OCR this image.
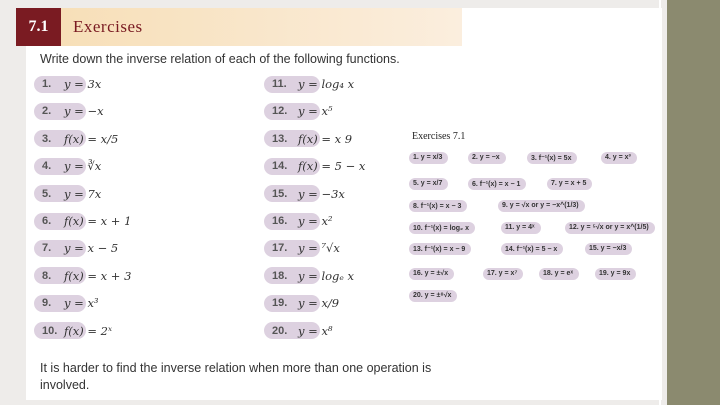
7.1	Exercises
Write down the inverse relation of each of the following functions.
1.	y = 3x
2.	y = −x
3.	f(x) = x/5
4.	y = ∛x
5.	y = 7x
6.	f(x) = x + 1
7.	y = x − 5
8.	f(x) = x + 3
9.	y = x³
10. f(x) = 2ˣ
11. y = log₄ x
12. y = x⁵
13. f(x) = x 9
14. f(x) = 5 − x
15. y = −3x
16. y = x²
17. y = ⁷√x
18. y = logₑ x
19. y = x/9
20. y = x⁸
Exercises 7.1
1. y = x/3	2. y = −x	3. f⁻¹(x) = 5x	4. y = x³
5. y = x/7	6. f⁻¹(x) = x − 1	7. y = x + 5
8. f⁻¹(x) = x − 3	9. y = √x or y = −x^(1/3)
10. f⁻¹(x) = log₂ x	11. y = 4ˣ	12. y = ⁵√x or y = x^(1/5)
13. f⁻¹(x) = x − 9	14. f⁻¹(x) = 5 − x	15. y = −x/3
16. y = ±√x	17. y = x⁷	18. y = eˣ	19. y = 9x
20. y = ±⁸√x
It is harder to find the inverse relation when more than one operation is involved.
